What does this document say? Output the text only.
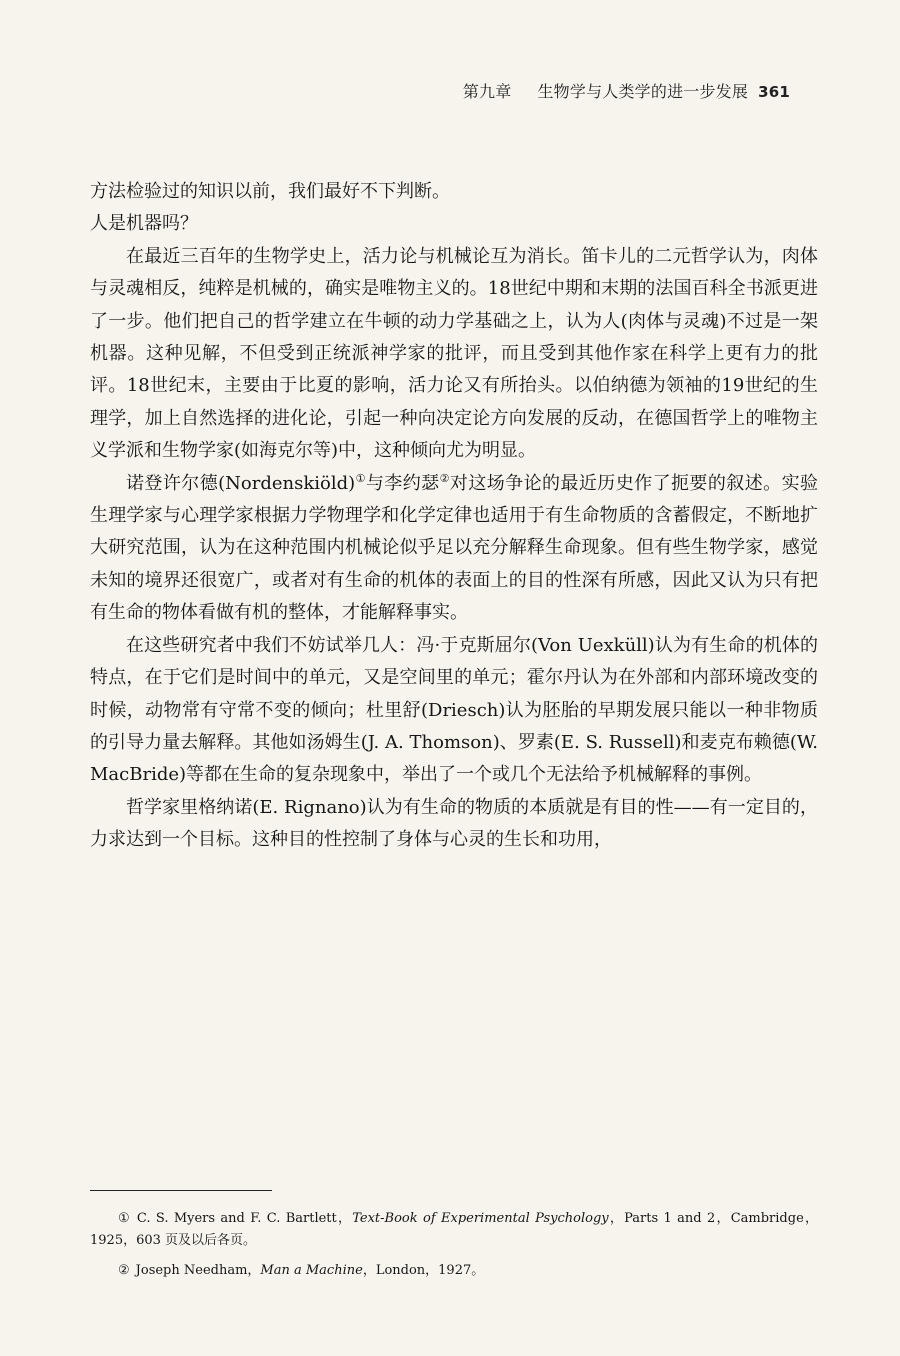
第九章 生物学与人类学的进一步发展 361

方法检验过的知识以前，我们最好不下判断。

人是机器吗？

在最近三百年的生物学史上，活力论与机械论互为消长。笛卡儿的二元哲学认为，肉体与灵魂相反，纯粹是机械的，确实是唯物主义的。18世纪中期和末期的法国百科全书派更进了一步。他们把自己的哲学建立在牛顿的动力学基础之上，认为人(肉体与灵魂)不过是一架机器。这种见解，不但受到正统派神学家的批评，而且受到其他作家在科学上更有力的批评。18世纪末，主要由于比夏的影响，活力论又有所抬头。以伯纳德为领袖的19世纪的生理学，加上自然选择的进化论，引起一种向决定论方向发展的反动，在德国哲学上的唯物主义学派和生物学家(如海克尔等)中，这种倾向尤为明显。

诺登许尔德(Nordenskiöld)①与李约瑟②对这场争论的最近历史作了扼要的叙述。实验生理学家与心理学家根据力学物理学和化学定律也适用于有生命物质的含蓄假定，不断地扩大研究范围，认为在这种范围内机械论似乎足以充分解释生命现象。但有些生物学家，感觉未知的境界还很宽广，或者对有生命的机体的表面上的目的性深有所感，因此又认为只有把有生命的物体看做有机的整体，才能解释事实。

在这些研究者中我们不妨试举几人：冯·于克斯屈尔(Von Uexküll)认为有生命的机体的特点，在于它们是时间中的单元，又是空间里的单元；霍尔丹认为在外部和内部环境改变的时候，动物常有守常不变的倾向；杜里舒(Driesch)认为胚胎的早期发展只能以一种非物质的引导力量去解释。其他如汤姆生(J. A. Thomson)、罗素(E. S. Russell)和麦克布赖德(W. MacBride)等都在生命的复杂现象中，举出了一个或几个无法给予机械解释的事例。

哲学家里格纳诺(E. Rignano)认为有生命的物质的本质就是有目的性——有一定目的，力求达到一个目标。这种目的性控制了身体与心灵的生长和功用，

① C. S. Myers and F. C. Bartlett，Text-Book of Experimental Psychology，Parts 1 and 2，Cambridge，1925，603 页及以后各页。

② Joseph Needham，Man a Machine，London，1927。
